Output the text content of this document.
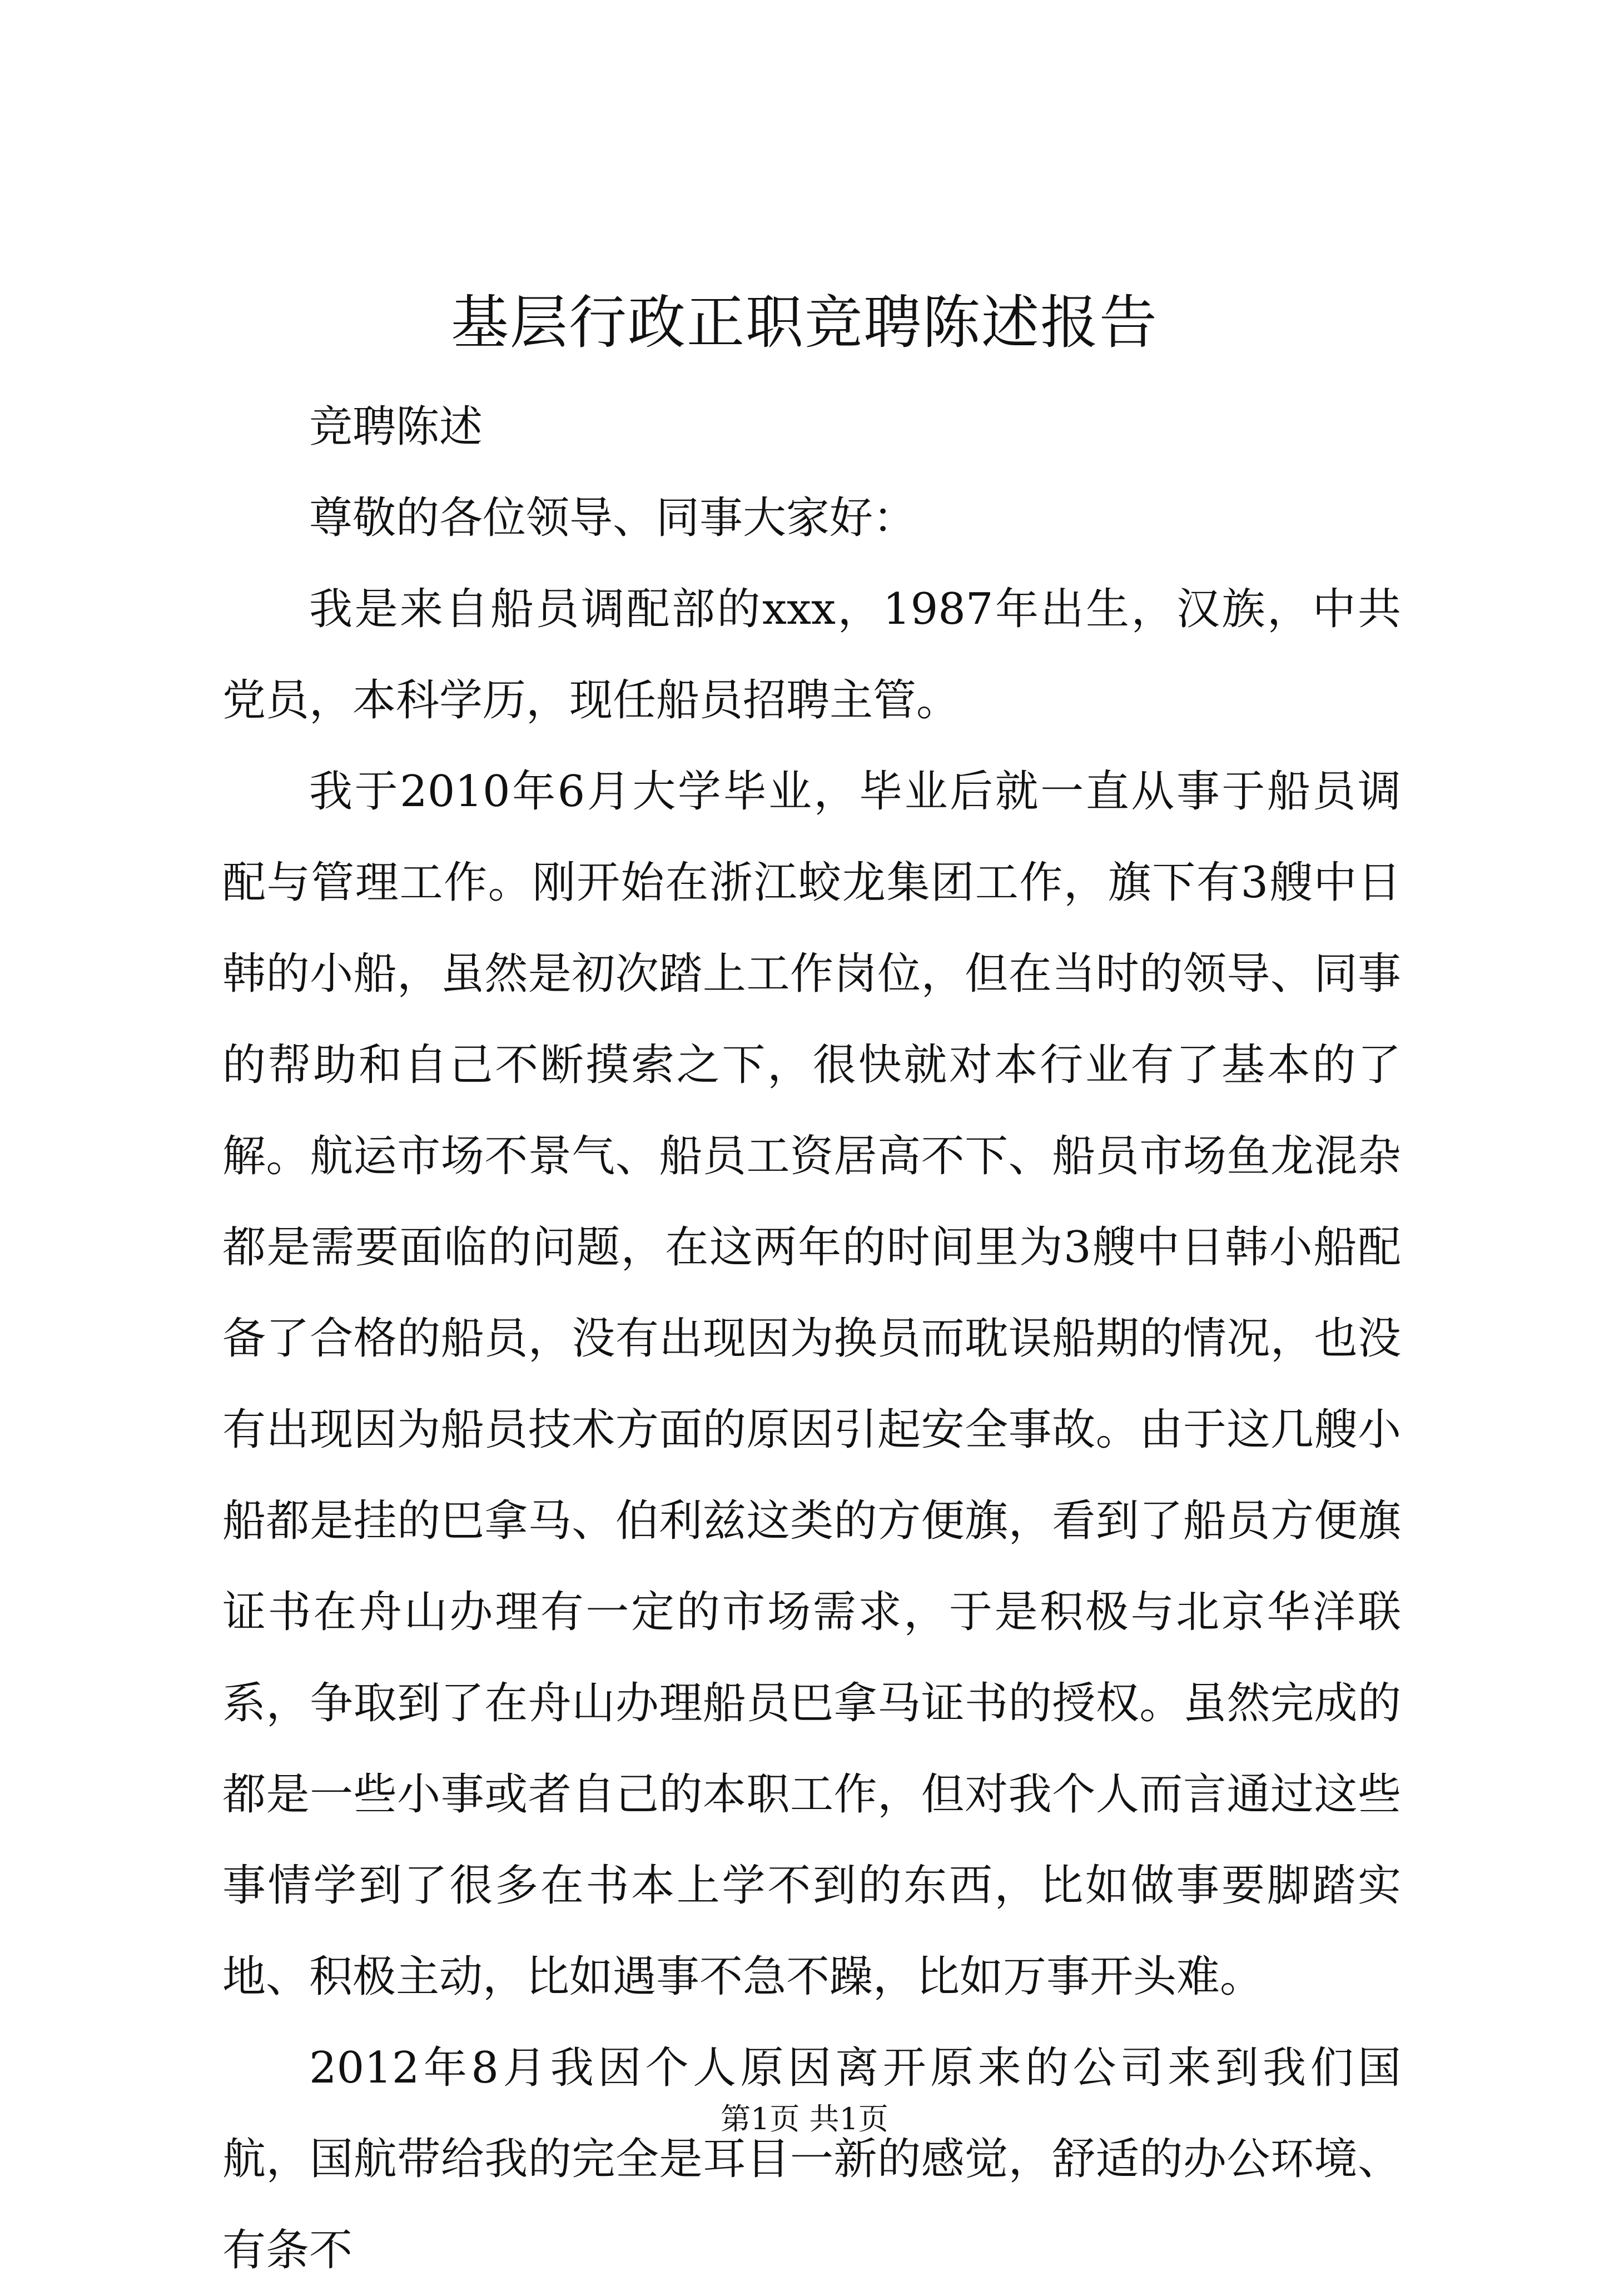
基层行政正职竞聘陈述报告

竞聘陈述

尊敬的各位领导、同事大家好：

我是来自船员调配部的xxx，1987年出生，汉族，中共党员，本科学历，现任船员招聘主管。

我于2010年6月大学毕业，毕业后就一直从事于船员调配与管理工作。刚开始在浙江蛟龙集团工作，旗下有3艘中日韩的小船，虽然是初次踏上工作岗位，但在当时的领导、同事的帮助和自己不断摸索之下，很快就对本行业有了基本的了解。航运市场不景气、船员工资居高不下、船员市场鱼龙混杂都是需要面临的问题，在这两年的时间里为3艘中日韩小船配备了合格的船员，没有出现因为换员而耽误船期的情况，也没有出现因为船员技术方面的原因引起安全事故。由于这几艘小船都是挂的巴拿马、伯利兹这类的方便旗，看到了船员方便旗证书在舟山办理有一定的市场需求，于是积极与北京华洋联系，争取到了在舟山办理船员巴拿马证书的授权。虽然完成的都是一些小事或者自己的本职工作，但对我个人而言通过这些事情学到了很多在书本上学不到的东西，比如做事要脚踏实地、积极主动，比如遇事不急不躁，比如万事开头难。

2012年8月我因个人原因离开原来的公司来到我们国航，国航带给我的完全是耳目一新的感觉，舒适的办公环境、有条不

第1页 共1页
